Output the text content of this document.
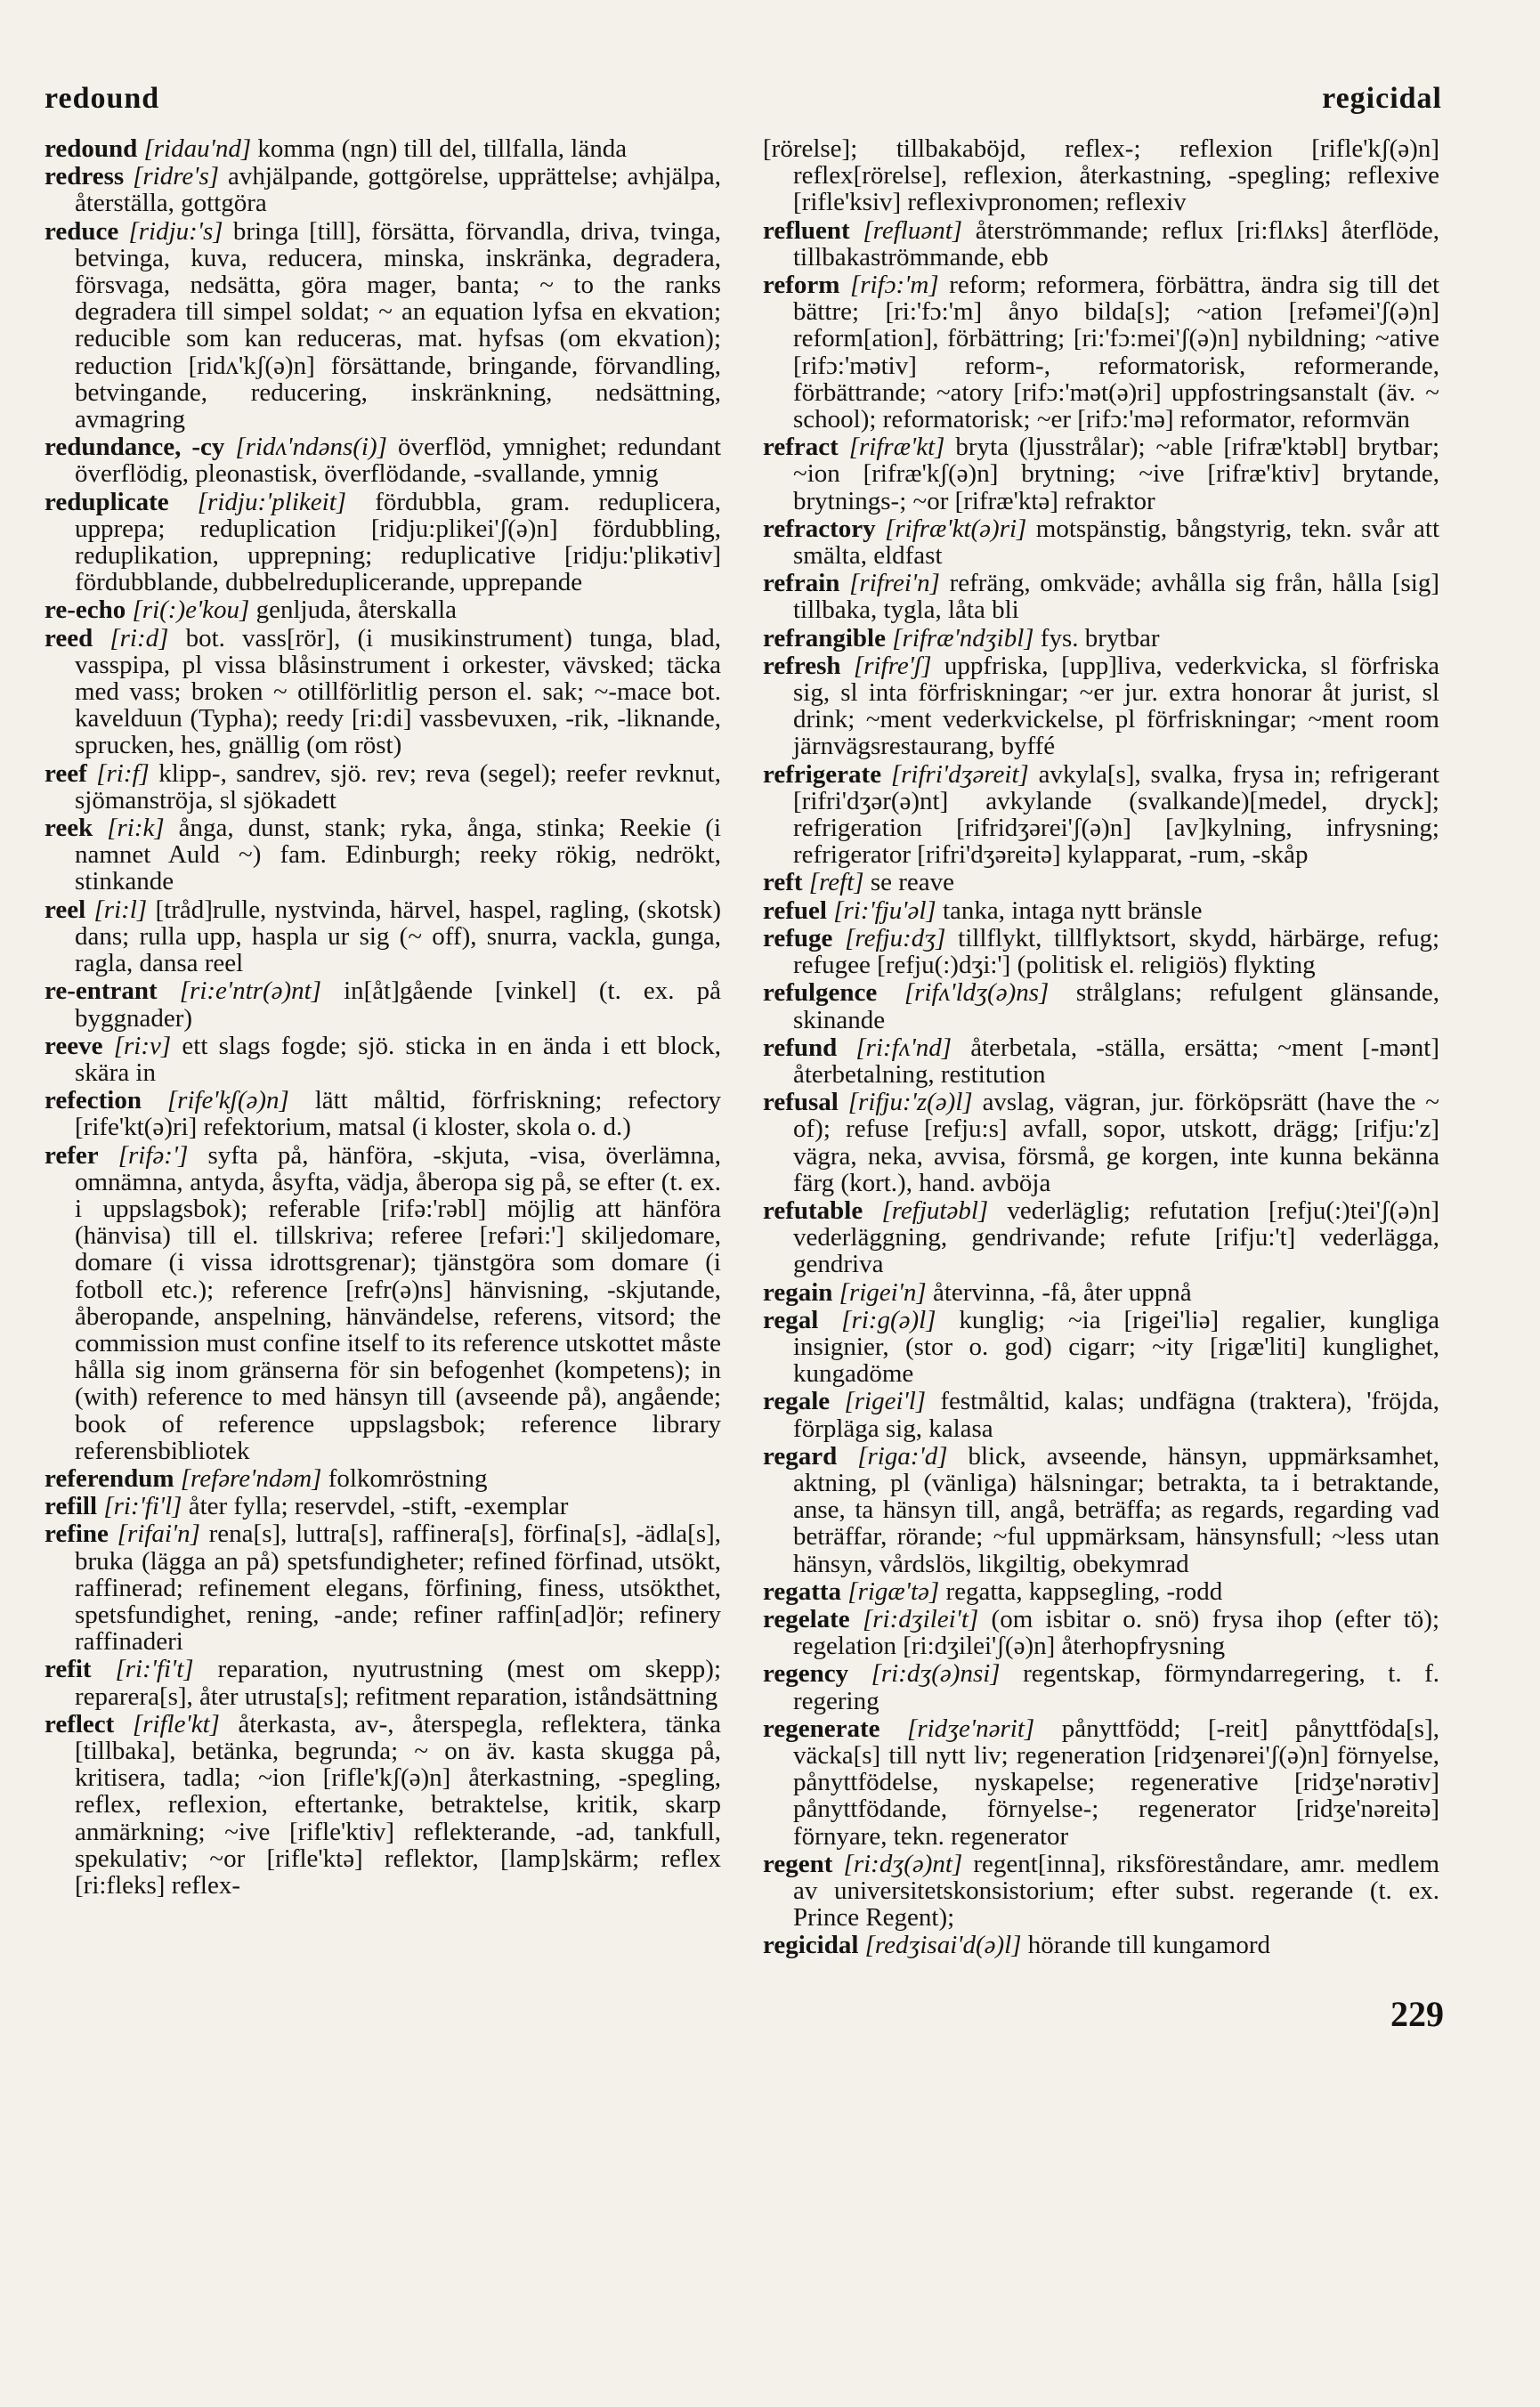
redound	regicidal

redound [ridau'nd] komma (ngn) till del, tillfalla, lända

redress [ridre's] avhjälpande, gottgörelse, upprättelse; avhjälpa, återställa, gottgöra

reduce [ridju:'s] bringa [till], försätta, förvandla, driva, tvinga, betvinga, kuva, reducera, minska, inskränka, degradera, försvaga, nedsätta, göra mager, banta; ~ to the ranks degradera till simpel soldat; ~ an equation lyfsa en ekvation; reducible som kan reduceras, mat. hyfsas (om ekvation); reduction [ridʌ'kʃ(ə)n] försättande, bringande, förvandling, betvingande, reducering, inskränkning, nedsättning, avmagring

redundance, -cy [ridʌ'ndəns(i)] överflöd, ymnighet; redundant överflödig, pleonastisk, överflödande, -svallande, ymnig

reduplicate [ridju:'plikeit] fördubbla, gram. reduplicera, upprepa; reduplication [ridju:plikei'ʃ(ə)n] fördubbling, reduplikation, upprepning; reduplicative [ridju:'plikətiv] fördubblande, dubbelreduplicerande, upprepande

re-echo [ri(:)e'kou] genljuda, återskalla

reed [ri:d] bot. vass[rör], (i musikinstrument) tunga, blad, vasspipa, pl vissa blåsinstrument i orkester, vävsked; täcka med vass; broken ~ otillförlitlig person el. sak; ~-mace bot. kavelduun (Typha); reedy [ri:di] vassbevuxen, -rik, -liknande, sprucken, hes, gnällig (om röst)

reef [ri:f] klipp-, sandrev, sjö. rev; reva (segel); reefer revknut, sjömanströja, sl sjökadett

reek [ri:k] ånga, dunst, stank; ryka, ånga, stinka; Reekie (i namnet Auld ~) fam. Edinburgh; reeky rökig, nedrökt, stinkande

reel [ri:l] [tråd]rulle, nystvinda, härvel, haspel, ragling, (skotsk) dans; rulla upp, haspla ur sig (~ off), snurra, vackla, gunga, ragla, dansa reel

re-entrant [ri:e'ntr(ə)nt] in[åt]gående [vinkel] (t. ex. på byggnader)

reeve [ri:v] ett slags fogde; sjö. sticka in en ända i ett block, skära in

refection [rife'kʃ(ə)n] lätt måltid, förfriskning; refectory [rife'kt(ə)ri] refektorium, matsal (i kloster, skola o. d.)

refer [rifə:'] syfta på, hänföra, -skjuta, -visa, överlämna, omnämna, antyda, åsyfta, vädja, åberopa sig på, se efter (t. ex. i uppslagsbok); referable [rifə:'rəbl] möjlig att hänföra (hänvisa) till el. tillskriva; referee [refəri:'] skiljedomare, domare (i vissa idrottsgrenar); tjänstgöra som domare (i fotboll etc.); reference [refr(ə)ns] hänvisning, -skjutande, åberopande, anspelning, hänvändelse, referens, vitsord; the commission must confine itself to its reference utskottet måste hålla sig inom gränserna för sin befogenhet (kompetens); in (with) reference to med hänsyn till (avseende på), angående; book of reference uppslagsbok; reference library referensbibliotek

referendum [refəre'ndəm] folkomröstning

refill [ri:'fi'l] åter fylla; reservdel, -stift, -exemplar

refine [rifai'n] rena[s], luttra[s], raffinera[s], förfina[s], -ädla[s], bruka (lägga an på) spetsfundigheter; refined förfinad, utsökt, raffinerad; refinement elegans, förfining, finess, utsökthet, spetsfundighet, rening, -ande; refiner raffin[ad]ör; refinery raffinaderi

refit [ri:'fi't] reparation, nyutrustning (mest om skepp); reparera[s], åter utrusta[s]; refitment reparation, iståndsättning

reflect [rifle'kt] återkasta, av-, återspegla, reflektera, tänka [tillbaka], betänka, begrunda; ~ on äv. kasta skugga på, kritisera, tadla; ~ion [rifle'kʃ(ə)n] återkastning, -spegling, reflex, reflexion, eftertanke, betraktelse, kritik, skarp anmärkning; ~ive [rifle'ktiv] reflekterande, -ad, tankfull, spekulativ; ~or [rifle'ktə] reflektor, [lamp]skärm; reflex [ri:fleks] reflex-

[rörelse]; tillbakaböjd, reflex-; reflexion [rifle'kʃ(ə)n] reflex[rörelse], reflexion, återkastning, -spegling; reflexive [rifle'ksiv] reflexivpronomen; reflexiv

refluent [refluənt] återströmmande; reflux [ri:flʌks] återflöde, tillbakaströmmande, ebb

reform [rifɔ:'m] reform; reformera, förbättra, ändra sig till det bättre; [ri:'fɔ:'m] ånyo bilda[s]; ~ation [refəmei'ʃ(ə)n] reform[ation], förbättring; [ri:'fɔ:mei'ʃ(ə)n] nybildning; ~ative [rifɔ:'mətiv] reform-, reformatorisk, reformerande, förbättrande; ~atory [rifɔ:'mət(ə)ri] uppfostringsanstalt (äv. ~ school); reformatorisk; ~er [rifɔ:'mə] reformator, reformvän

refract [rifræ'kt] bryta (ljusstrålar); ~able [rifræ'ktəbl] brytbar; ~ion [rifræ'kʃ(ə)n] brytning; ~ive [rifræ'ktiv] brytande, brytnings-; ~or [rifræ'ktə] refraktor

refractory [rifræ'kt(ə)ri] motspänstig, bångstyrig, tekn. svår att smälta, eldfast

refrain [rifrei'n] refräng, omkväde; avhålla sig från, hålla [sig] tillbaka, tygla, låta bli

refrangible [rifræ'ndʒibl] fys. brytbar

refresh [rifre'ʃ] uppfriska, [upp]liva, vederkvicka, sl förfriska sig, sl inta förfriskningar; ~er jur. extra honorar åt jurist, sl drink; ~ment vederkvickelse, pl förfriskningar; ~ment room järnvägsrestaurang, byffé

refrigerate [rifri'dʒəreit] avkyla[s], svalka, frysa in; refrigerant [rifri'dʒər(ə)nt] avkylande (svalkande)[medel, dryck]; refrigeration [rifridʒərei'ʃ(ə)n] [av]kylning, infrysning; refrigerator [rifri'dʒəreitə] kylapparat, -rum, -skåp

reft [reft] se reave

refuel [ri:'fju'əl] tanka, intaga nytt bränsle

refuge [refju:dʒ] tillflykt, tillflyktsort, skydd, härbärge, refug; refugee [refju(:)dʒi:'] (politisk el. religiös) flykting

refulgence [rifʌ'ldʒ(ə)ns] strålglans; refulgent glänsande, skinande

refund [ri:fʌ'nd] återbetala, -ställa, ersätta; ~ment [-mənt] återbetalning, restitution

refusal [rifju:'z(ə)l] avslag, vägran, jur. förköpsrätt (have the ~ of); refuse [refju:s] avfall, sopor, utskott, drägg; [rifju:'z] vägra, neka, avvisa, försmå, ge korgen, inte kunna bekänna färg (kort.), hand. avböja

refutable [refjutəbl] vederläglig; refutation [refju(:)tei'ʃ(ə)n] vederläggning, gendrivande; refute [rifju:'t] vederlägga, gendriva

regain [rigei'n] återvinna, -få, åter uppnå

regal [ri:g(ə)l] kunglig; ~ia [rigei'liə] regalier, kungliga insignier, (stor o. god) cigarr; ~ity [rigæ'liti] kunglighet, kungadöme

regale [rigei'l] festmåltid, kalas; undfägna (traktera), 'fröjda, förpläga sig, kalasa

regard [rigɑ:'d] blick, avseende, hänsyn, uppmärksamhet, aktning, pl (vänliga) hälsningar; betrakta, ta i betraktande, anse, ta hänsyn till, angå, beträffa; as regards, regarding vad beträffar, rörande; ~ful uppmärksam, hänsynsfull; ~less utan hänsyn, vårdslös, likgiltig, obekymrad

regatta [rigæ'tə] regatta, kappsegling, -rodd

regelate [ri:dʒilei't] (om isbitar o. snö) frysa ihop (efter tö); regelation [ri:dʒilei'ʃ(ə)n] återhopfrysning

regency [ri:dʒ(ə)nsi] regentskap, förmyndarregering, t. f. regering

regenerate [ridʒe'nərit] pånyttfödd; [-reit] pånyttföda[s], väcka[s] till nytt liv; regeneration [ridʒenərei'ʃ(ə)n] förnyelse, pånyttfödelse, nyskapelse; regenerative [ridʒe'nərətiv] pånyttfödande, förnyelse-; regenerator [ridʒe'nəreitə] förnyare, tekn. regenerator

regent [ri:dʒ(ə)nt] regent[inna], riksföreståndare, amr. medlem av universitetskonsistorium; efter subst. regerande (t. ex. Prince Regent);

regicidal [redʒisai'd(ə)l] hörande till kungamord

229
